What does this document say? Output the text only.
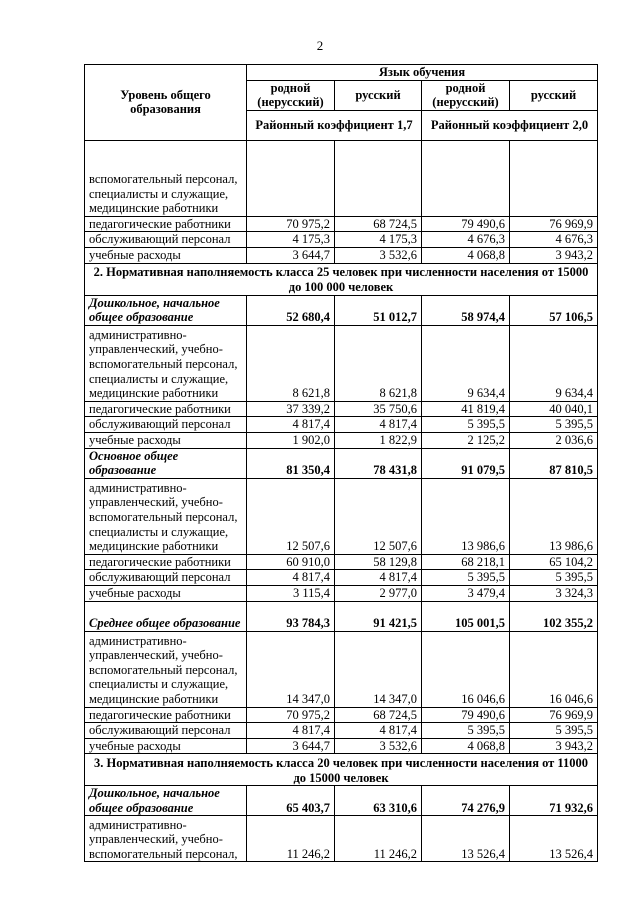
2
Уровень общего образования	Язык обучения			
	родной (нерусский)	русский	родной (нерусский)	русский
	Районный коэффициент 1,7		Районный коэффициент 2,0	
вспомогательный персонал, специалисты и служащие, медицинские работники				
педагогические работники	70 975,2	68 724,5	79 490,6	76 969,9
обслуживающий персонал	4 175,3	4 175,3	4 676,3	4 676,3
учебные расходы	3 644,7	3 532,6	4 068,8	3 943,2
2. Нормативная наполняемость класса 25 человек при численности населения от 15000 до 100 000 человек				
Дошкольное, начальное общее образование	52 680,4	51 012,7	58 974,4	57 106,5
административно-управленческий, учебно-вспомогательный персонал, специалисты и служащие, медицинские работники	8 621,8	8 621,8	9 634,4	9 634,4
педагогические работники	37 339,2	35 750,6	41 819,4	40 040,1
обслуживающий персонал	4 817,4	4 817,4	5 395,5	5 395,5
учебные расходы	1 902,0	1 822,9	2 125,2	2 036,6
Основное общее образование	81 350,4	78 431,8	91 079,5	87 810,5
административно-управленческий, учебно-вспомогательный персонал, специалисты и служащие, медицинские работники	12 507,6	12 507,6	13 986,6	13 986,6
педагогические работники	60 910,0	58 129,8	68 218,1	65 104,2
обслуживающий персонал	4 817,4	4 817,4	5 395,5	5 395,5
учебные расходы	3 115,4	2 977,0	3 479,4	3 324,3
Среднее общее образование	93 784,3	91 421,5	105 001,5	102 355,2
административно-управленческий, учебно-вспомогательный персонал, специалисты и служащие, медицинские работники	14 347,0	14 347,0	16 046,6	16 046,6
педагогические работники	70 975,2	68 724,5	79 490,6	76 969,9
обслуживающий персонал	4 817,4	4 817,4	5 395,5	5 395,5
учебные расходы	3 644,7	3 532,6	4 068,8	3 943,2
3. Нормативная наполняемость класса 20 человек при численности населения от 11000 до 15000 человек				
Дошкольное, начальное общее образование	65 403,7	63 310,6	74 276,9	71 932,6
административно-управленческий, учебно-вспомогательный персонал,	11 246,2	11 246,2	13 526,4	13 526,4
